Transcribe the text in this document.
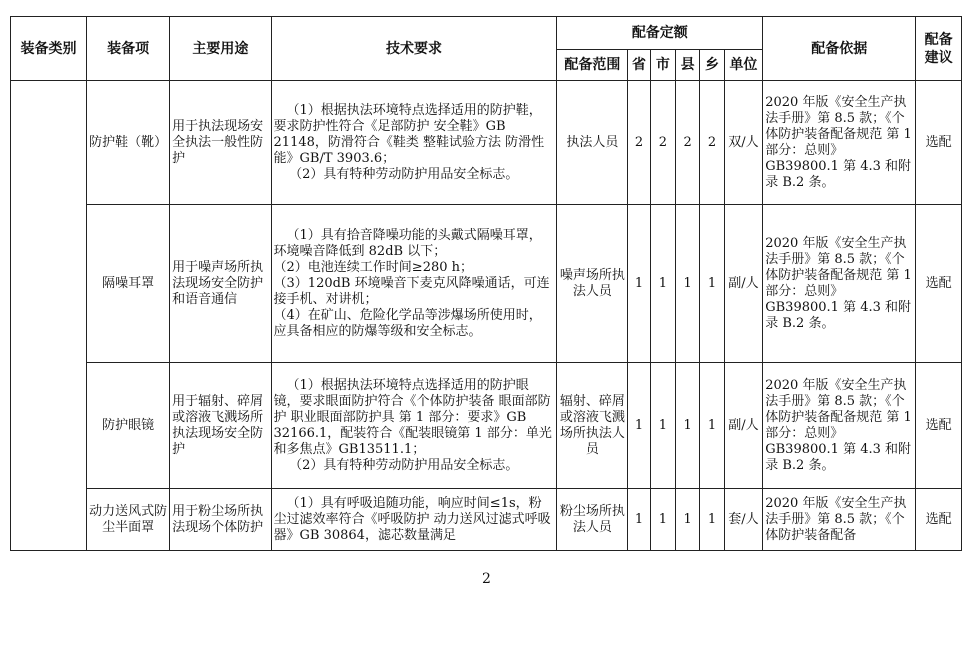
装备类别	装备项	主要用途	技术要求	配备定额						配备依据	配备建议

				配备范围	省	市	县	乡	单位		
	防护鞋（靴）	用于执法现场安全执法一般性防护	（1）根据执法环境特点选择适用的防护鞋，要求防护性符合《足部防护 安全鞋》GB 21148，防滑符合《鞋类 整鞋试验方法 防滑性能》GB/T 3903.6；
（2）具有特种劳动防护用品安全标志。	执法人员	2	2	2	2	双/人	2020 年版《安全生产执法手册》第 8.5 款；《个体防护装备配备规范 第 1 部分：总则》GB39800.1 第 4.3 和附录 B.2 条。	选配
	隔噪耳罩	用于噪声场所执法现场安全防护和语音通信	（1）具有拾音降噪功能的头戴式隔噪耳罩，环境噪音降低到 82dB 以下；
（2）电池连续工作时间≥280 h；
（3）120dB 环境噪音下麦克风降噪通话，可连接手机、对讲机；
（4）在矿山、危险化学品等涉爆场所使用时，应具备相应的防爆等级和安全标志。	噪声场所执法人员	1	1	1	1	副/人	2020 年版《安全生产执法手册》第 8.5 款；《个体防护装备配备规范 第 1 部分：总则》GB39800.1 第 4.3 和附录 B.2 条。	选配
	防护眼镜	用于辐射、碎屑或溶液飞溅场所执法现场安全防护	（1）根据执法环境特点选择适用的防护眼镜，要求眼面防护符合《个体防护装备 眼面部防护 职业眼面部防护具 第 1 部分：要求》GB 32166.1，配装符合《配装眼镜第 1 部分：单光和多焦点》GB13511.1；
（2）具有特种劳动防护用品安全标志。	辐射、碎屑或溶液飞溅场所执法人员	1	1	1	1	副/人	2020 年版《安全生产执法手册》第 8.5 款；《个体防护装备配备规范 第 1 部分：总则》GB39800.1 第 4.3 和附录 B.2 条。	选配
	动力送风式防尘半面罩	用于粉尘场所执法现场个体防护	（1）具有呼吸追随功能，响应时间≤1s，粉尘过滤效率符合《呼吸防护 动力送风过滤式呼吸器》GB 30864，滤芯数量满足	粉尘场所执法人员	1	1	1	1	套/人	2020 年版《安全生产执法手册》第 8.5 款；《个体防护装备配备	选配
2
